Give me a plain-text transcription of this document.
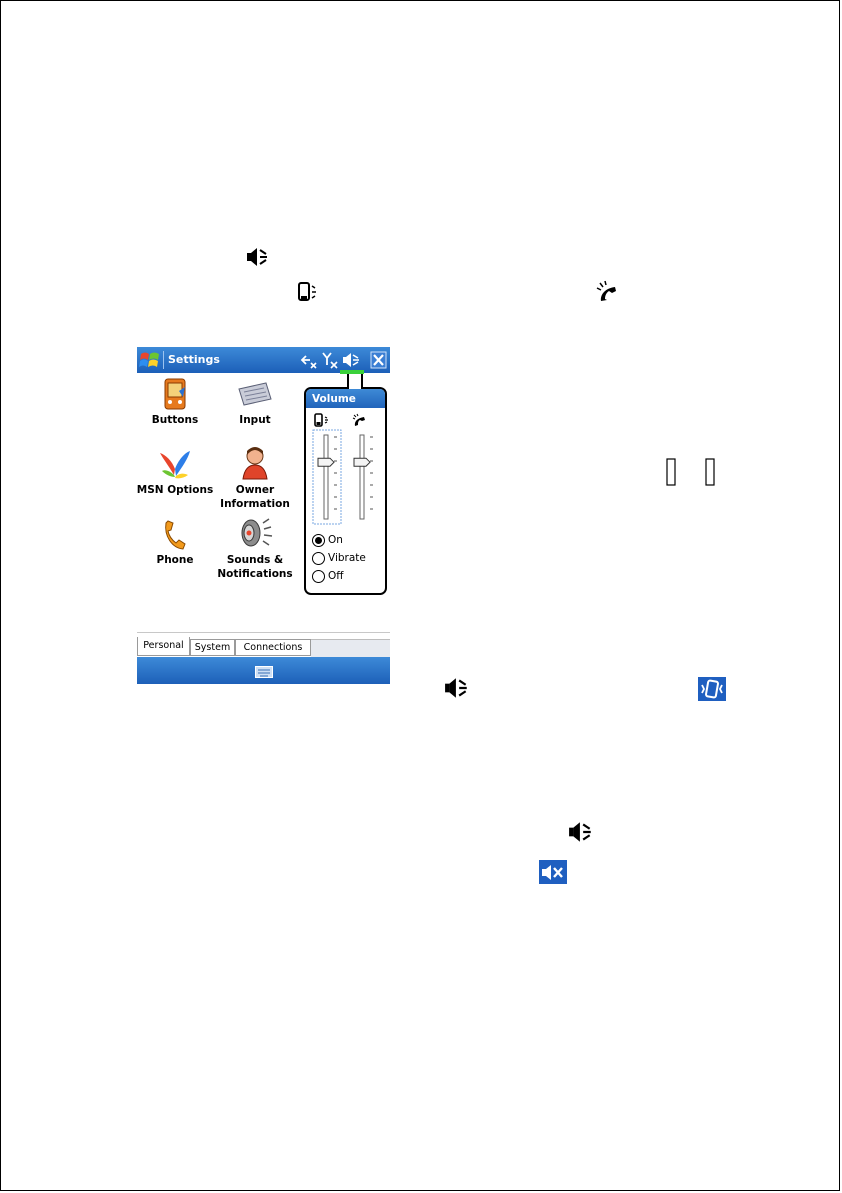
Settings
Buttons	Input
MSN Options	Owner Information
Phone	Sounds & Notifications
Volume
On
Vibrate
Off
Personal	System	Connections
